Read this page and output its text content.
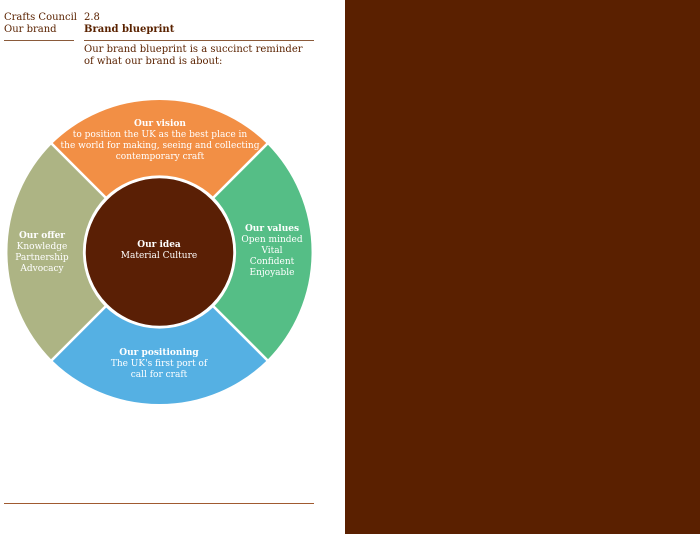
Crafts Council
Our brand
2.8
Brand blueprint
Our brand blueprint is a succinct reminder of what our brand is about:
Our vision
to position the UK as the best place in
the world for making, seeing and collecting
contemporary craft
Our values
Open minded
Vital
Confident
Enjoyable
Our positioning
The UK's first port of
call for craft
Our offer
Knowledge
Partnership
Advocacy
Our idea
Material Culture
